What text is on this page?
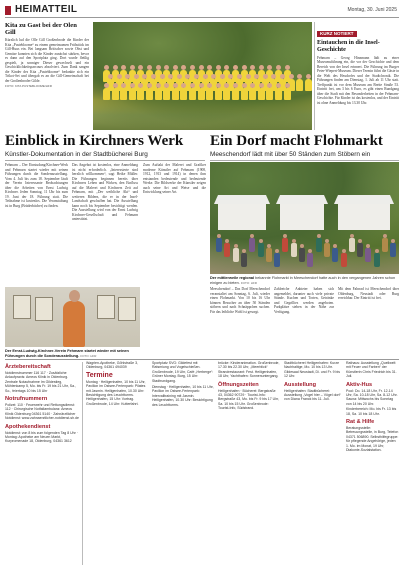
HEIMATTEIL	Montag, 30. Juni 2025
Kita zu Gast bei der Olen Gill
Kürzlich lud die Olle Gill Großenbrode die Kinder der Kita „Pustebloome“ zu einem gemeinsamen Frühstück im Gill-Huus ein. Bei langsam Britischer sowie Obst und Gemüse konnten sich die Kinder zunächst stärken, bevor es dann auf den Sportplatz ging. Dort wurde fleißig gespielt, ja sonniger Dieser gewechselt und ein Geschicklichkeitsparcours absolviert. Zum Dank sangen die Kinder des Kita „Pustebloome“ bedankte sich ein Trikot-Set und übergab es an die Gill-Gemeinschaft bei der Großenbroder Gilde.
FOTO: KITA PUSTEBLOOME/HFR
KURZ NOTIERT
Eintauchen in die Insel-Geschichte
Fehmarn – Georg Hinzmann lädt zu einer Museumsführung ein, die vor der Geschichte und dem Bereich von der Insel erinnert. Die Führung im Burger Peter-Wiepert-Museum. Dieser Termin führt die Gäste in die Welt des Heudorfes und der Stadtchronik. Die Führungen finden am Dienstag, 1. Juli ab 11 Uhr statt. Treffpunkt ist vor dem Museum am Breite Straße 53. Eintritt frei, um 3 bis 6 Euro, es gibt einen Rundgang über die Stadt mit den Besonderheiten in der Fehmarn-Geschichte. Für Kinder ist das kostenlos, und der Eintritt ist ohne Anmeldung bis 13.30 Uhr.
Einblick in Kirchners Werk Ein Dorf macht Flohmarkt
Künstler-Dokumentation in der Stadtbücherei Burg	Meeschendorf lädt mit über 50 Ständen zum Stöbern ein
Fehmarn – Der Einstudung/Kirchner-Werk und Fehmarn startet wieder mit seinen Führungen durch die Sonderausstellung. Vom 4. Juli bis zum 18. September läuft der Verein Interessante Beobachtungen über die Arbeiten von Ernst Ludwig Kirchner. Jeden Sonntag, 11 Uhr bis zum 19. Juni der 18. Führung statt. Die Teilnahme ist kostenlos. Die Veranstaltung ist in Burg (Brüderbücher) zu finden.
Das Angebot ist kostenlos, eine Anmeldung ist nicht erforderlich. „Interessierte sind herzlich willkommen“, sagt Heike Müller. Die Führungen beginnen bereits über Kirchners Leben und Wirken, den Einfluss auf die Malerei und Kirchners Zeit auf Fehmarn, mit „Der weibliche Akt“ und weiteren Bildern, die er in der Insel-Landschaft geschaffen hat. Die Ausstellung kann noch bis September besichtigt werden. Die Ausstellung wird von der Ernst Ludwig Kirchner-Gesellschaft und Fehmarn unterstützt.
Zum Auftakt der Malerei und Grafiker moderne Künstler auf Fehmarn (1908, 1912, 1913 und 1914) in denen ihm entstanden bedeutende und bedeutende Werke. Die Bildwerke der Künstler zeigen auch seine Art und Weise und die Entwicklung seiner Art.
Der Ernst-Ludwig-Kirchner-Verein Fehmarn startet wieder mit seinen Führungen durch die Sonderausstellung. FOTO: HFR
Der mittlerweile regional bekannte Flohmarkt in Meeschendorf hatte auch in den vergangenen Jahren schon einigen zu bieten. FOTO: HFR
Meeschendorf – Das Dorf Meeschendorf veranstaltet am Sonntag, 6. Juli, wieder einen Flohmarkt. Von 10 bis 16 Uhr können Besucher an über 50 Ständen stöbern und nach Schnäppchen suchen. Für das leibliche Wohl ist gesorgt.
Zahlreiche Anbieter haben sich angemeldet, darunter auch viele private Stände. Kuchen und Torten, Getränke und Gegrilltes werden angeboten. Parkplätze stehen in der Nähe zur Verfügung.
Mit dem Fahrrad ist Meeschendorf über Oldenburg, Neustadt oder Burg erreichbar. Der Eintritt ist frei.
Ärztebereitschaft
Notdienstnummer 116 117 · Zusätzliche Anlaufpraxis: Ameos Klinik in Oldenburg. Zentrale Notaufnahme Im Gildestieg, Mühlenkamp 5, Mo. bis Fr. 19 bis 21 Uhr, Sa., So., feiertags 10 bis 15 Uhr
Notrufnummern
Polizei: 110 · Feuerwehr und Rettungsdienst: 112 · Chirurgische Notfallambulanz: Ameos Klinik Oldenburg 04361 5140 · Zahnärztlicher Notdienst: www.zahnaerztlicher-notdienst-sh.de
Apothekendienst
Notdienst: von 8 bis zum folgenden Tag 8 Uhr · Montag: Apotheke am Neuen Markt, Kurpromenade 18, Oldenburg, 04361 3612
Wagrien-Apotheke, Göhlstraße 3, Oldenburg, 04361 494039
Termine
Montag · Heiligenhafen, 10 bis 11 Uhr, Pavillon im Ostsee-Ferienpark: Pilates mit Jasmin. Heiligenhafen, 10.30 Uhr: Besichtigung des Leuchtturms. Heiligenhafen, 15 Uhr: Vortrag. Großenbrode, 14 Uhr: Kutterfahrt.
Sportplatz SVG: Gildefest mit Ratsmiung und Vogelschießen. Großenbrode, 19 Uhr, Café „Herberge“: Grüner Montag. Burg, 15 Uhr: Stadtrundgang.
Dienstag · Heiligenhafen, 10 bis 11 Uhr, Pavillon im Ostsee-Ferienpark: Intervalltraining mit Jasmin. Heiligenhafen, 10.30 Uhr: Besichtigung des Leuchtturms.
brücke: Kinderanimation. Großenbrode, 17.30 bis 22.30 Uhr, „Meerblick“ Strandrestaurant: Fest. Heiligenhafen, 18 Uhr, Yachthafen: Sonnenuntergang.
Öffnungszeiten
Heiligenhafen · Bücherei: Bergstraße 43, 04362 90729 · Tourist-Info: Bergstraße 43, Mo. bis Fr. 9 bis 17 Uhr, Sa. 10 bis 15 Uhr. Großenbrode: Tourist-Info, Südstrand.
Stadtbücherei Heiligenhafen: Kurze Nachhaltige, Mo. 10 bis 13 Uhr. Gildesaal Neustadt, Di. und Fr. 9 bis 12 Uhr.
Ausstellung
Heiligenhafen: Stadtbücherei: Ausstellung „Vogel hier – Vögel dort“ von Diana Franck bis 11. Juli.
Rathaus: Ausstellung „Quellwelt mit Feuer und Farben“ der Künstlerin Chris Friedrich bis 31. Juli.
Aktiv-Hus
Pool: Do. 14-18 Uhr, Fr. 12-14 Uhr, Sa. 10-18 Uhr, Sa. 8-12 Uhr. Sauna: Mittwochs bis Sonntag von 14 bis 20 Uhr.
Kinderbereich: Mo. bis Fr. 13 bis 18, Sa. 10 bis 18 Uhr.
Rat & Hilfe
Beratungsstelle: Betreuungsstelle, in Burg, Telefon 04371 506890. Selbsthilfegruppe: für pflegende Angehörige, jeden 1. Mo. im Monat, 19 Uhr, Diakonie-Sozialstation.
